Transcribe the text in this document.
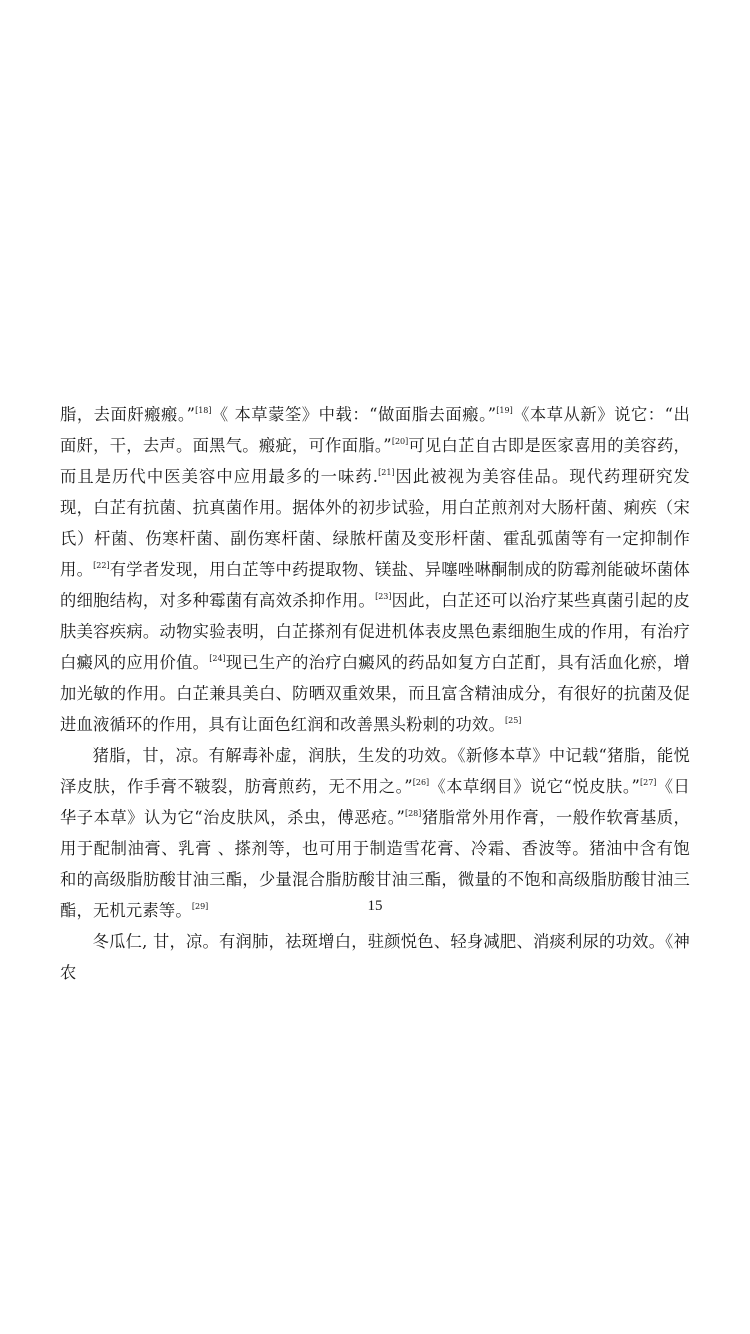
脂，去面皯瘢瘢。”[18]《 本草蒙筌》中载：“做面脂去面瘢。”[19]《本草从新》说它：“出面皯，干，去声。面黑气。瘢疵，可作面脂。”[20]可见白芷自古即是医家喜用的美容药，而且是历代中医美容中应用最多的一味药.[21]因此被视为美容佳品。现代药理研究发现，白芷有抗菌、抗真菌作用。据体外的初步试验，用白芷煎剂对大肠杆菌、痢疾（宋氏）杆菌、伤寒杆菌、副伤寒杆菌、绿脓杆菌及变形杆菌、霍乱弧菌等有一定抑制作用。[22]有学者发现，用白芷等中药提取物、镁盐、异噻唑啉酮制成的防霉剂能破坏菌体的细胞结构，对多种霉菌有高效杀抑作用。[23]因此，白芷还可以治疗某些真菌引起的皮肤美容疾病。动物实验表明，白芷搽剂有促进机体表皮黑色素细胞生成的作用，有治疗白癜风的应用价值。[24]现已生产的治疗白癜风的药品如复方白芷酊，具有活血化瘀，增加光敏的作用。白芷兼具美白、防晒双重效果，而且富含精油成分，有很好的抗菌及促进血液循环的作用，具有让面色红润和改善黑头粉刺的功效。[25]

猪脂，甘，凉。有解毒补虚，润肤，生发的功效。《新修本草》中记载“猪脂，能悦泽皮肤，作手膏不皲裂，肪膏煎药，无不用之。”[26]《本草纲目》说它“悦皮肤。”[27]《日华子本草》认为它“治皮肤风，杀虫，傅恶疮。”[28]猪脂常外用作膏，一般作软膏基质，用于配制油膏、乳膏 、搽剂等，也可用于制造雪花膏、冷霜、香波等。猪油中含有饱和的高级脂肪酸甘油三酯，少量混合脂肪酸甘油三酯，微量的不饱和高级脂肪酸甘油三酯，无机元素等。[29]

冬瓜仁, 甘，凉。有润肺，祛斑增白，驻颜悦色、轻身减肥、消痰利尿的功效。《神农

15
